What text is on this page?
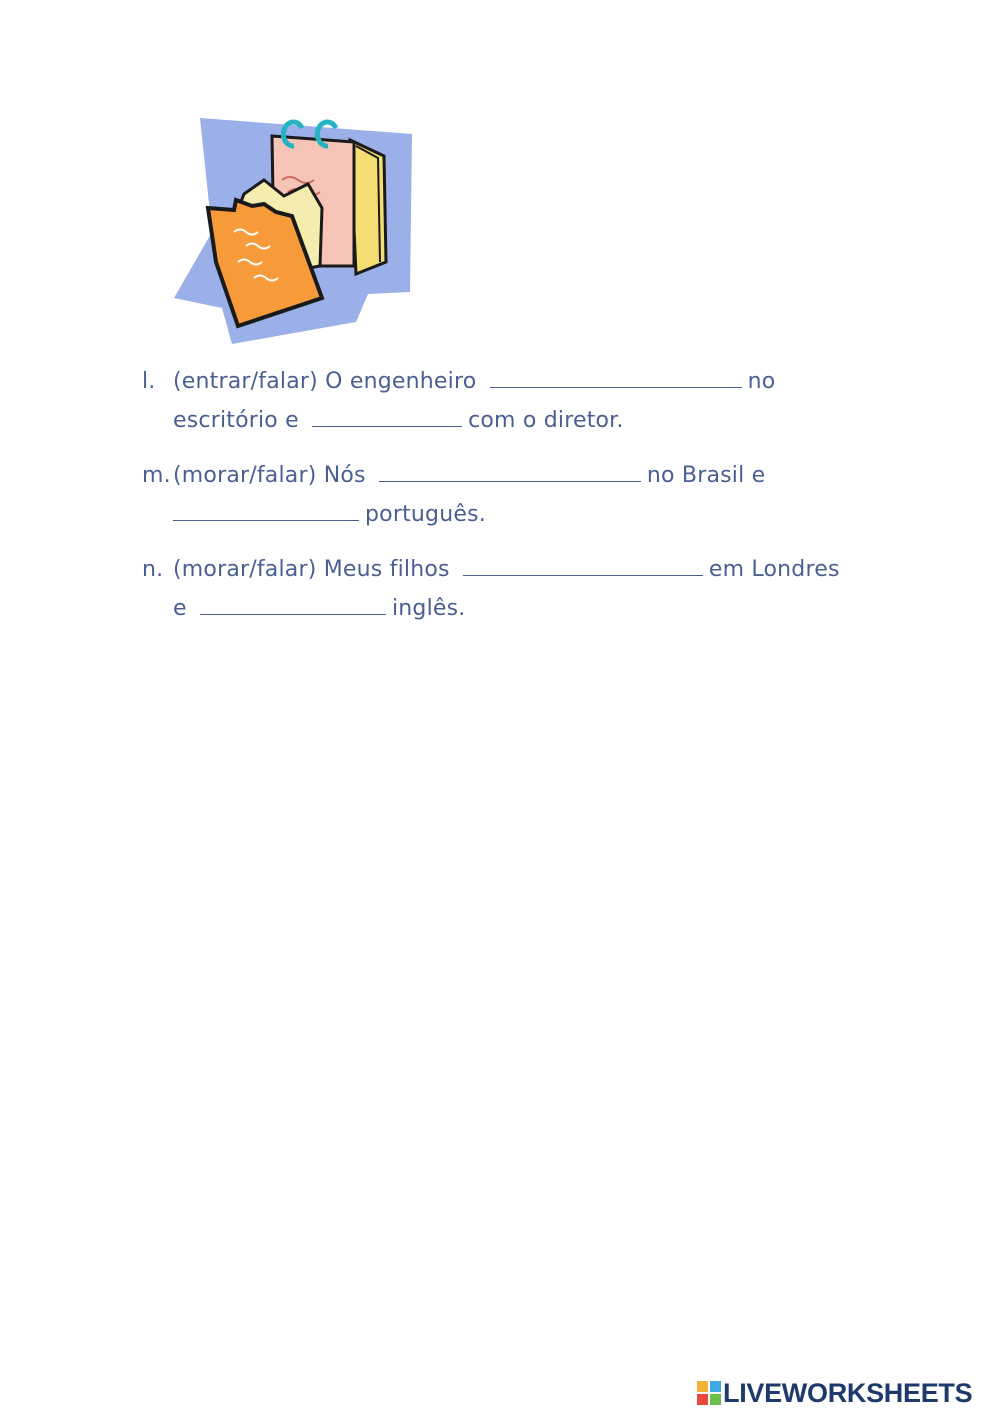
l. (entrar/falar) O engenheiro	no
escritório e	com o diretor.
m. (morar/falar) Nós	no Brasil e
português.
n. (morar/falar) Meus filhos	em Londres
e	inglês.
LIVEWORKSHEETS
